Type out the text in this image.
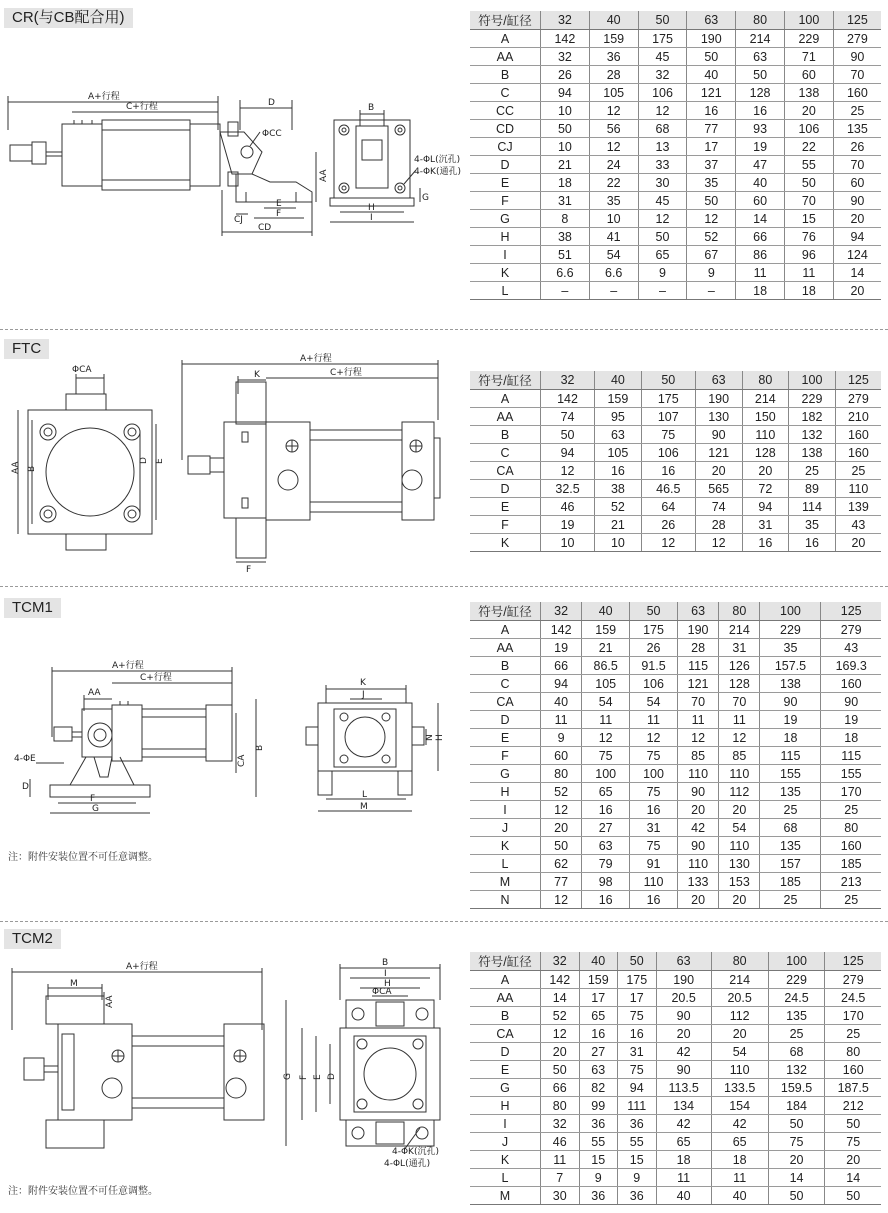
CR(与CB配合用)
A+行程
C+行程	D
ΦCC
CJ
E
F
CD
AA
B
4-ΦL(沉孔)
4-ΦK(通孔)
G
H
I
符号/缸径	32	40	50	63	80	100	125
A	142	159	175	190	214	229	279
AA	32	36	45	50	63	71	90
B	26	28	32	40	50	60	70
C	94	105	106	121	128	138	160
CC	10	12	12	16	16	20	25
CD	50	56	68	77	93	106	135
CJ	10	12	13	17	19	22	26
D	21	24	33	37	47	55	70
E	18	22	30	35	40	50	60
F	31	35	45	50	60	70	90
G	8	10	12	12	14	15	20
H	38	41	50	52	66	76	94
I	51	54	65	67	86	96	124
K	6.6	6.6	9	9	11	11	14
L	–	–	–	–	18	18	20
FTC
ΦCA
AA B
D E
A+行程
C+行程
K
F
符号/缸径	32	40	50	63	80	100	125
A	142	159	175	190	214	229	279
AA	74	95	107	130	150	182	210
B	50	63	75	90	110	132	160
C	94	105	106	121	128	138	160
CA	12	16	16	20	20	25	25
D	32.5	38	46.5	565	72	89	110
E	46	52	64	74	94	114	139
F	19	21	26	28	31	35	43
K	10	10	12	12	16	16	20
TCM1
A+行程
C+行程
AA
4-ΦE
D
F
G
CA
B
K
J
N H
L
M
注：附件安装位置不可任意调整。
符号/缸径	32	40	50	63	80	100	125
A	142	159	175	190	214	229	279
AA	19	21	26	28	31	35	43
B	66	86.5	91.5	115	126	157.5	169.3
C	94	105	106	121	128	138	160
CA	40	54	54	70	70	90	90
D	11	11	11	11	11	19	19
E	9	12	12	12	12	18	18
F	60	75	75	85	85	115	115
G	80	100	100	110	110	155	155
H	52	65	75	90	112	135	170
I	12	16	16	20	20	25	25
J	20	27	31	42	54	68	80
K	50	63	75	90	110	135	160
L	62	79	91	110	130	157	185
M	77	98	110	133	153	185	213
N	12	16	16	20	20	25	25
TCM2
A+行程
M
AA
B
I
H
ΦCA
G F E D
4-ΦK(沉孔)
4-ΦL(通孔)
注：附件安装位置不可任意调整。
符号/缸径	32	40	50	63	80	100	125
A	142	159	175	190	214	229	279
AA	14	17	17	20.5	20.5	24.5	24.5
B	52	65	75	90	112	135	170
CA	12	16	16	20	20	25	25
D	20	27	31	42	54	68	80
E	50	63	75	90	110	132	160
G	66	82	94	113.5	133.5	159.5	187.5
H	80	99	111	134	154	184	212
I	32	36	36	42	42	50	50
J	46	55	55	65	65	75	75
K	11	15	15	18	18	20	20
L	7	9	9	11	11	14	14
M	30	36	36	40	40	50	50
